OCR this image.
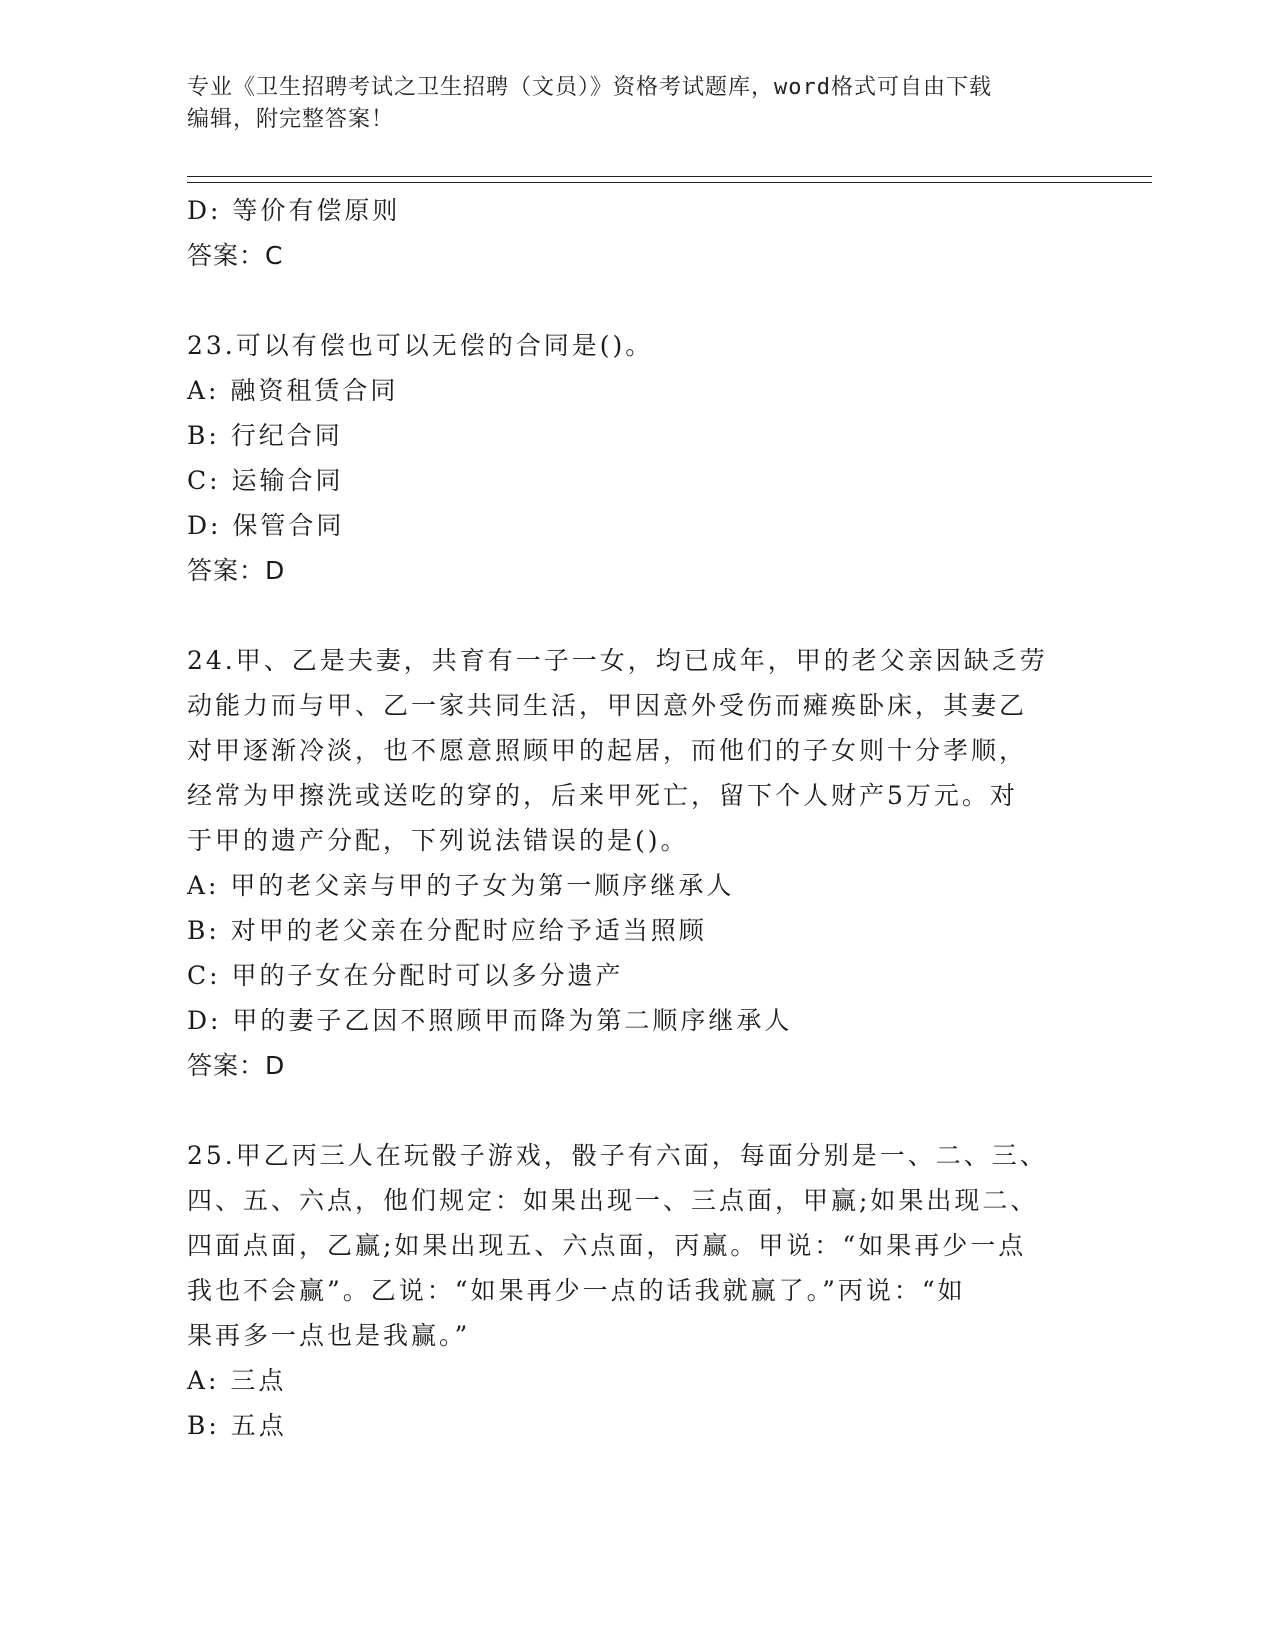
专业《卫生招聘考试之卫生招聘（文员）》资格考试题库，word格式可自由下载
编辑，附完整答案！
D: 等价有偿原则
答案：C
23.可以有偿也可以无偿的合同是()。
A: 融资租赁合同
B: 行纪合同
C: 运输合同
D: 保管合同
答案：D
24.甲、乙是夫妻，共育有一子一女，均已成年，甲的老父亲因缺乏劳
动能力而与甲、乙一家共同生活，甲因意外受伤而瘫痪卧床，其妻乙
对甲逐渐冷淡，也不愿意照顾甲的起居，而他们的子女则十分孝顺，
经常为甲擦洗或送吃的穿的，后来甲死亡，留下个人财产5万元。对
于甲的遗产分配，下列说法错误的是()。
A: 甲的老父亲与甲的子女为第一顺序继承人
B: 对甲的老父亲在分配时应给予适当照顾
C: 甲的子女在分配时可以多分遗产
D: 甲的妻子乙因不照顾甲而降为第二顺序继承人
答案：D
25.甲乙丙三人在玩骰子游戏，骰子有六面，每面分别是一、二、三、
四、五、六点，他们规定：如果出现一、三点面，甲赢;如果出现二、
四面点面，乙赢;如果出现五、六点面，丙赢。甲说：“如果再少一点
我也不会赢”。乙说：“如果再少一点的话我就赢了。”丙说：“如
果再多一点也是我赢。”
A: 三点
B: 五点
